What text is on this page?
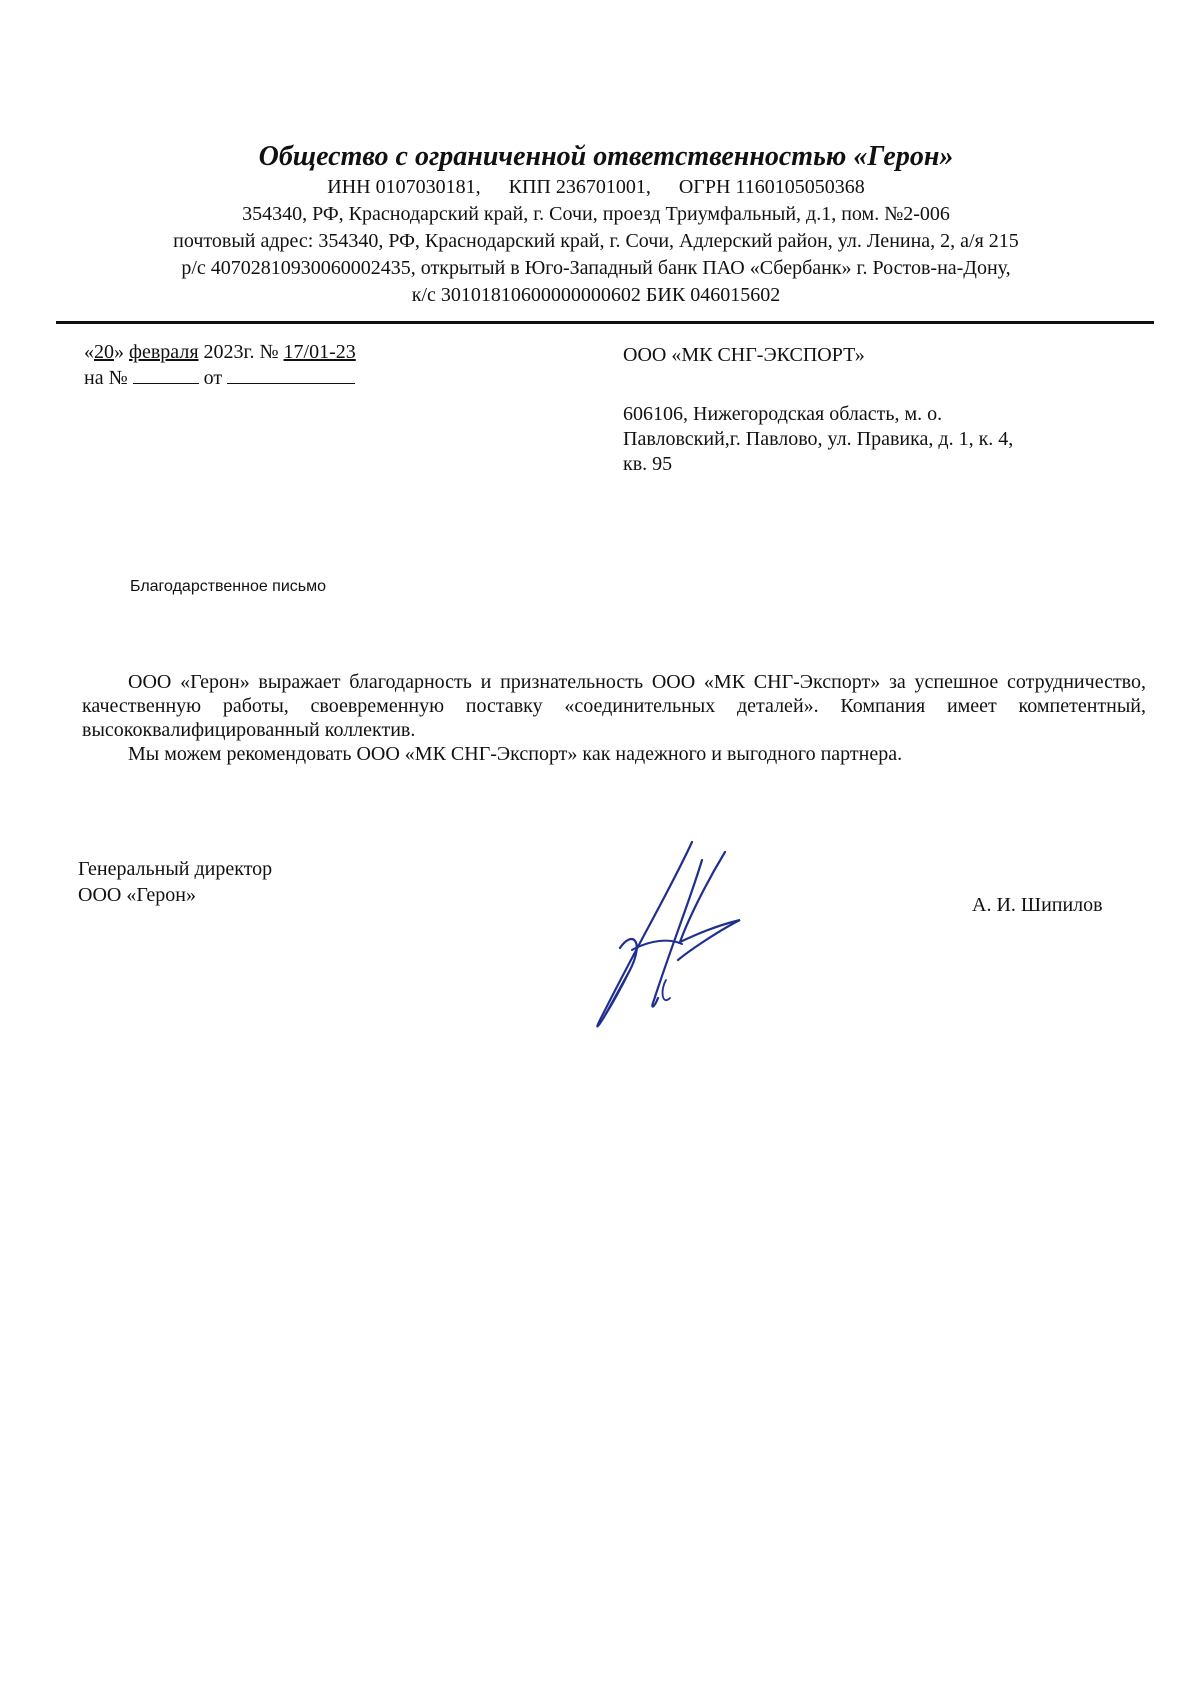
Общество с ограниченной ответственностью «Герон»
ИНН 0107030181, КПП 236701001, ОГРН 1160105050368
354340, РФ, Краснодарский край, г. Сочи, проезд Триумфальный, д.1, пом. №2-006
почтовый адрес: 354340, РФ, Краснодарский край, г. Сочи, Адлерский район, ул. Ленина, 2, а/я 215
р/с 40702810930060002435, открытый в Юго-Западный банк ПАО «Сбербанк» г. Ростов-на-Дону,
к/с 30101810600000000602 БИК 046015602
«20» февраля 2023г. № 17/01-23
на №	от
ООО «МК СНГ-ЭКСПОРТ»
606106, Нижегородская область, м. о.
Павловский,г. Павлово, ул. Правика, д. 1, к. 4,
кв. 95
Благодарственное письмо

ООО «Герон» выражает благодарность и признательность ООО «МК СНГ-Экспорт» за успешное сотрудничество, качественную работы, своевременную поставку «соединительных деталей». Компания имеет компетентный, высококвалифицированный коллектив.

Мы можем рекомендовать ООО «МК СНГ-Экспорт» как надежного и выгодного партнера.

Генеральный директор
ООО «Герон»	А. И. Шипилов
